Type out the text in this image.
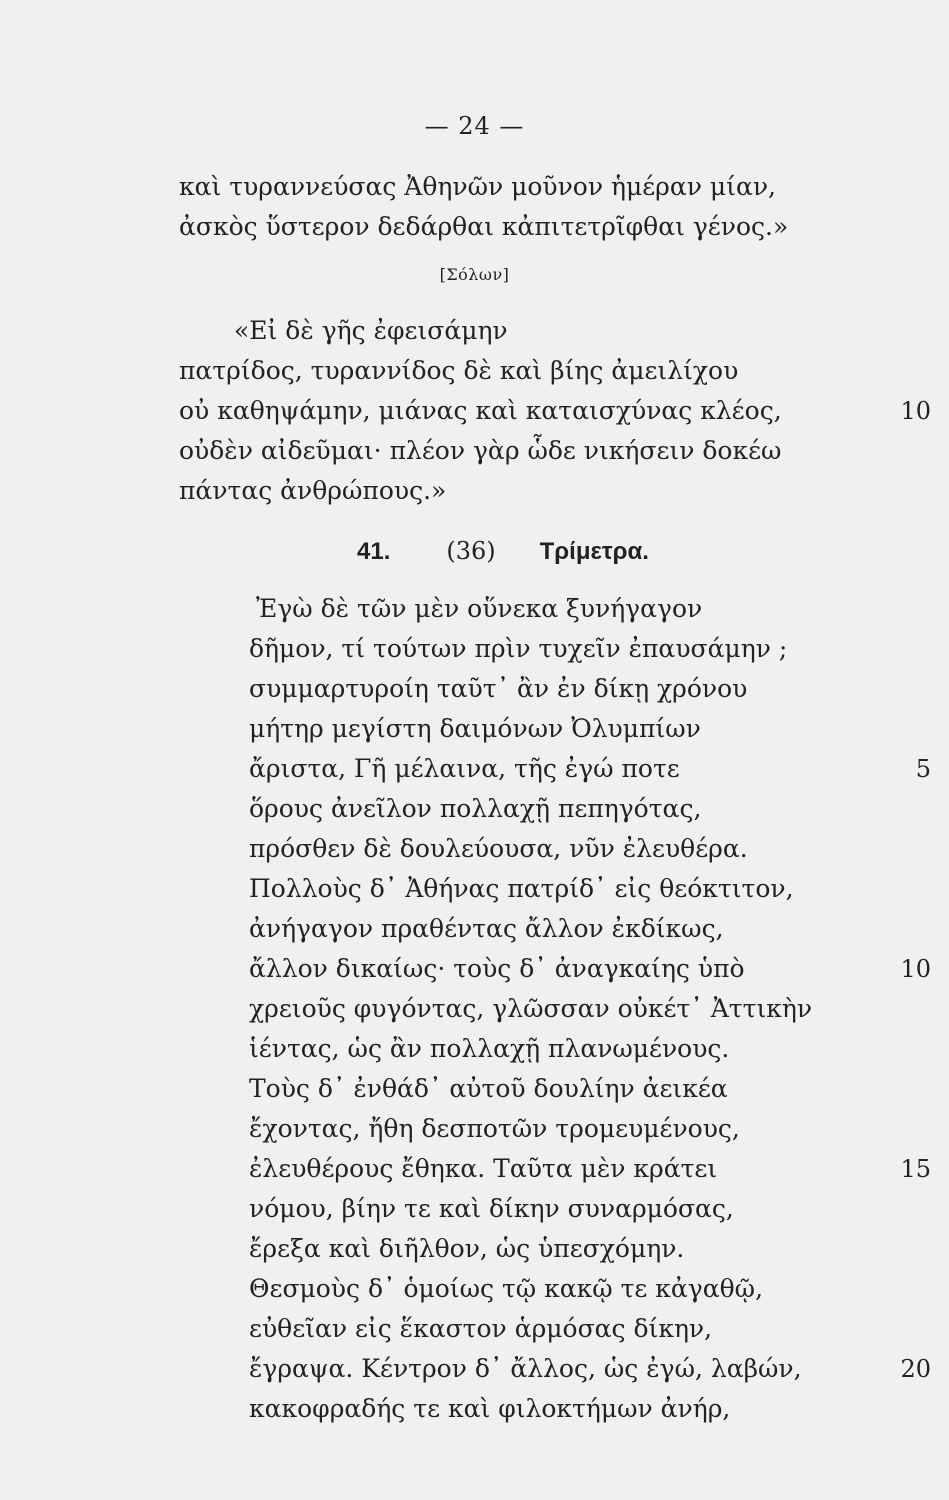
— 24 —
καὶ τυραννεύσας Ἀθηνῶν μοῦνον ἡμέραν μίαν,
ἀσκὸς ὕστερον δεδάρθαι κἀπιτετρῖφθαι γένος.»
[Σόλων]
«Εἰ δὲ γῆς ἐφεισάμην
πατρίδος, τυραννίδος δὲ καὶ βίης ἀμειλίχου
οὐ καθηψάμην, μιάνας καὶ καταισχύνας κλέος,	10
οὐδὲν αἰδεῦμαι· πλέον γὰρ ὧδε νικήσειν δοκέω
πάντας ἀνθρώπους.»
41. (36) Τρίμετρα.
Ἐγὼ δὲ τῶν μὲν οὕνεκα ξυνήγαγον
δῆμον, τί τούτων πρὶν τυχεῖν ἐπαυσάμην ;
συμμαρτυροίη ταῦτ᾽ ἂν ἐν δίκῃ χρόνου
μήτηρ μεγίστη δαιμόνων Ὀλυμπίων
ἄριστα, Γῆ μέλαινα, τῆς ἐγώ ποτε	5
ὅρους ἀνεῖλον πολλαχῇ πεπηγότας,
πρόσθεν δὲ δουλεύουσα, νῦν ἐλευθέρα.
Πολλοὺς δ᾽ Ἀθήνας πατρίδ᾽ εἰς θεόκτιτον,
ἀνήγαγον πραθέντας ἄλλον ἐκδίκως,
ἄλλον δικαίως· τοὺς δ᾽ ἀναγκαίης ὑπὸ	10
χρειοῦς φυγόντας, γλῶσσαν οὐκέτ᾽ Ἀττικὴν
ἱέντας, ὡς ἂν πολλαχῇ πλανωμένους.
Τοὺς δ᾽ ἐνθάδ᾽ αὐτοῦ δουλίην ἀεικέα
ἔχοντας, ἤθη δεσποτῶν τρομευμένους,
ἐλευθέρους ἔθηκα. Ταῦτα μὲν κράτει	15
νόμου, βίην τε καὶ δίκην συναρμόσας,
ἔρεξα καὶ διῆλθον, ὡς ὑπεσχόμην.
Θεσμοὺς δ᾽ ὁμοίως τῷ κακῷ τε κἀγαθῷ,
εὐθεῖαν εἰς ἕκαστον ἁρμόσας δίκην,
ἔγραψα. Κέντρον δ᾽ ἄλλος, ὡς ἐγώ, λαβών,	20
κακοφραδής τε καὶ φιλοκτήμων ἀνήρ,
